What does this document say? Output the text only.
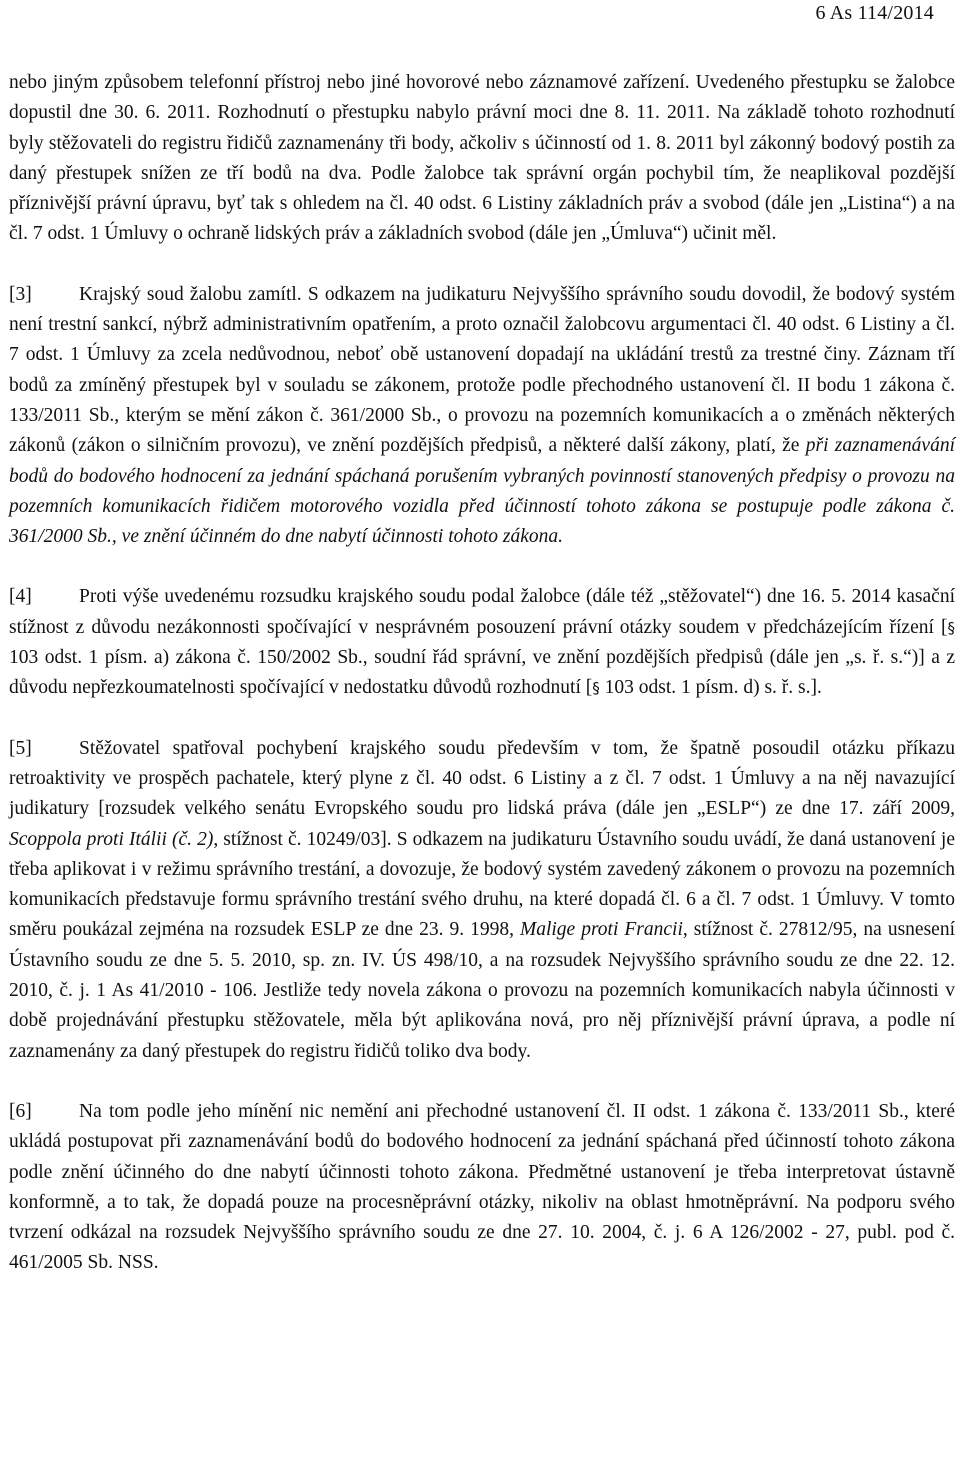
6 As 114/2014

nebo jiným způsobem telefonní přístroj nebo jiné hovorové nebo záznamové zařízení. Uvedeného přestupku se žalobce dopustil dne 30. 6. 2011. Rozhodnutí o přestupku nabylo právní moci dne 8. 11. 2011. Na základě tohoto rozhodnutí byly stěžovateli do registru řidičů zaznamenány tři body, ačkoliv s účinností od 1. 8. 2011 byl zákonný bodový postih za daný přestupek snížen ze tří bodů na dva. Podle žalobce tak správní orgán pochybil tím, že neaplikoval pozdější příznivější právní úpravu, byť tak s ohledem na čl. 40 odst. 6 Listiny základních práv a svobod (dále jen „Listina“) a na čl. 7 odst. 1 Úmluvy o ochraně lidských práv a základních svobod (dále jen „Úmluva“) učinit měl.

[3] Krajský soud žalobu zamítl. S odkazem na judikaturu Nejvyššího správního soudu dovodil, že bodový systém není trestní sankcí, nýbrž administrativním opatřením, a proto označil žalobcovu argumentaci čl. 40 odst. 6 Listiny a čl. 7 odst. 1 Úmluvy za zcela nedůvodnou, neboť obě ustanovení dopadají na ukládání trestů za trestné činy. Záznam tří bodů za zmíněný přestupek byl v souladu se zákonem, protože podle přechodného ustanovení čl. II bodu 1 zákona č. 133/2011 Sb., kterým se mění zákon č. 361/2000 Sb., o provozu na pozemních komunikacích a o změnách některých zákonů (zákon o silničním provozu), ve znění pozdějších předpisů, a některé další zákony, platí, že při zaznamenávání bodů do bodového hodnocení za jednání spáchaná porušením vybraných povinností stanovených předpisy o provozu na pozemních komunikacích řidičem motorového vozidla před účinností tohoto zákona se postupuje podle zákona č. 361/2000 Sb., ve znění účinném do dne nabytí účinnosti tohoto zákona.

[4] Proti výše uvedenému rozsudku krajského soudu podal žalobce (dále též „stěžovatel“) dne 16. 5. 2014 kasační stížnost z důvodu nezákonnosti spočívající v nesprávném posouzení právní otázky soudem v předcházejícím řízení [§ 103 odst. 1 písm. a) zákona č. 150/2002 Sb., soudní řád správní, ve znění pozdějších předpisů (dále jen „s. ř. s.“)] a z důvodu nepřezkoumatelnosti spočívající v nedostatku důvodů rozhodnutí [§ 103 odst. 1 písm. d) s. ř. s.].

[5] Stěžovatel spatřoval pochybení krajského soudu především v tom, že špatně posoudil otázku příkazu retroaktivity ve prospěch pachatele, který plyne z čl. 40 odst. 6 Listiny a z čl. 7 odst. 1 Úmluvy a na něj navazující judikatury [rozsudek velkého senátu Evropského soudu pro lidská práva (dále jen „ESLP“) ze dne 17. září 2009, Scoppola proti Itálii (č. 2), stížnost č. 10249/03]. S odkazem na judikaturu Ústavního soudu uvádí, že daná ustanovení je třeba aplikovat i v režimu správního trestání, a dovozuje, že bodový systém zavedený zákonem o provozu na pozemních komunikacích představuje formu správního trestání svého druhu, na které dopadá čl. 6 a čl. 7 odst. 1 Úmluvy. V tomto směru poukázal zejména na rozsudek ESLP ze dne 23. 9. 1998, Malige proti Francii, stížnost č. 27812/95, na usnesení Ústavního soudu ze dne 5. 5. 2010, sp. zn. IV. ÚS 498/10, a na rozsudek Nejvyššího správního soudu ze dne 22. 12. 2010, č. j. 1 As 41/2010 - 106. Jestliže tedy novela zákona o provozu na pozemních komunikacích nabyla účinnosti v době projednávání přestupku stěžovatele, měla být aplikována nová, pro něj příznivější právní úprava, a podle ní zaznamenány za daný přestupek do registru řidičů toliko dva body.

[6] Na tom podle jeho mínění nic nemění ani přechodné ustanovení čl. II odst. 1 zákona č. 133/2011 Sb., které ukládá postupovat při zaznamenávání bodů do bodového hodnocení za jednání spáchaná před účinností tohoto zákona podle znění účinného do dne nabytí účinnosti tohoto zákona. Předmětné ustanovení je třeba interpretovat ústavně konformně, a to tak, že dopadá pouze na procesněprávní otázky, nikoliv na oblast hmotněprávní. Na podporu svého tvrzení odkázal na rozsudek Nejvyššího správního soudu ze dne 27. 10. 2004, č. j. 6 A 126/2002 - 27, publ. pod č. 461/2005 Sb. NSS.
